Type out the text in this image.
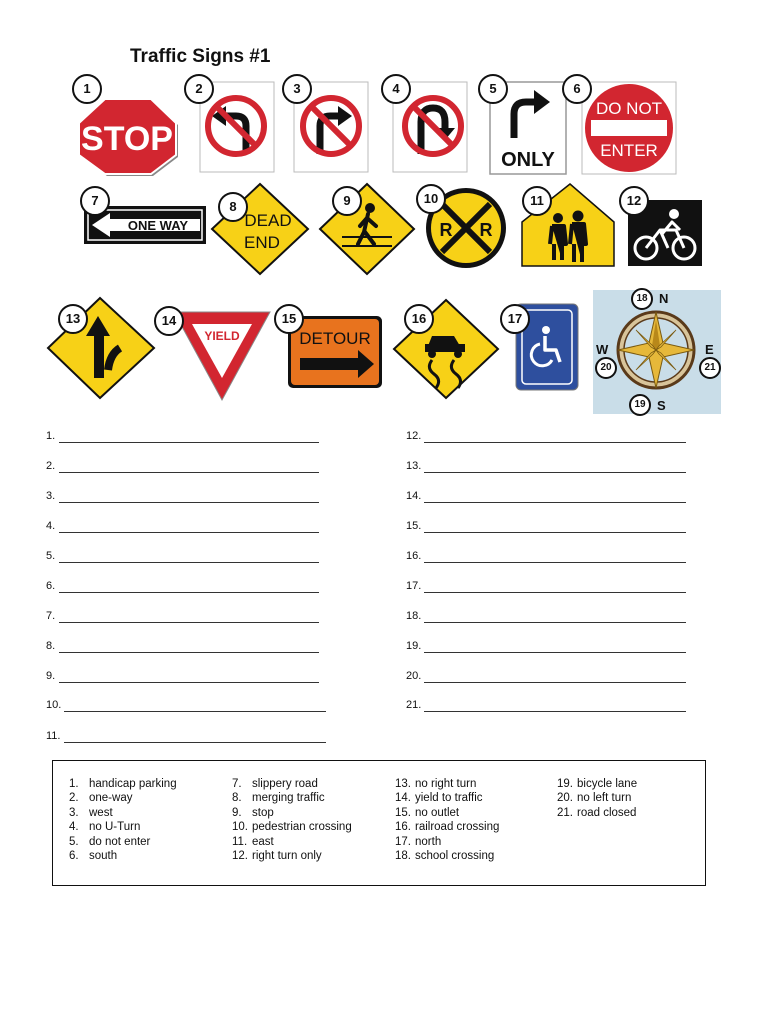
Traffic Signs #1
1
STOP
2	3	4	5
ONLY
6
DO NOT
ENTER
7
ONE WAY
8
DEAD
END
9	10
R R
11	12
13	14
YIELD
15
DETOUR
16	17
N
S
E
W
18
19
20	21
1.
2.
3.
4.
5.
6.
7.
8.
9.
10.
11.
12.
13.
14.
15.
16.
17.
18.
19.
20.
21.
1. handicap parking
2. one-way
3. west
4. no U-Turn
5. do not enter
6. south
7. slippery road
8. merging traffic
9. stop
10. pedestrian crossing
11. east
12. right turn only
13. no right turn
14. yield to traffic
15. no outlet
16. railroad crossing
17. north
18. school crossing
19. bicycle lane
20. no left turn
21. road closed
